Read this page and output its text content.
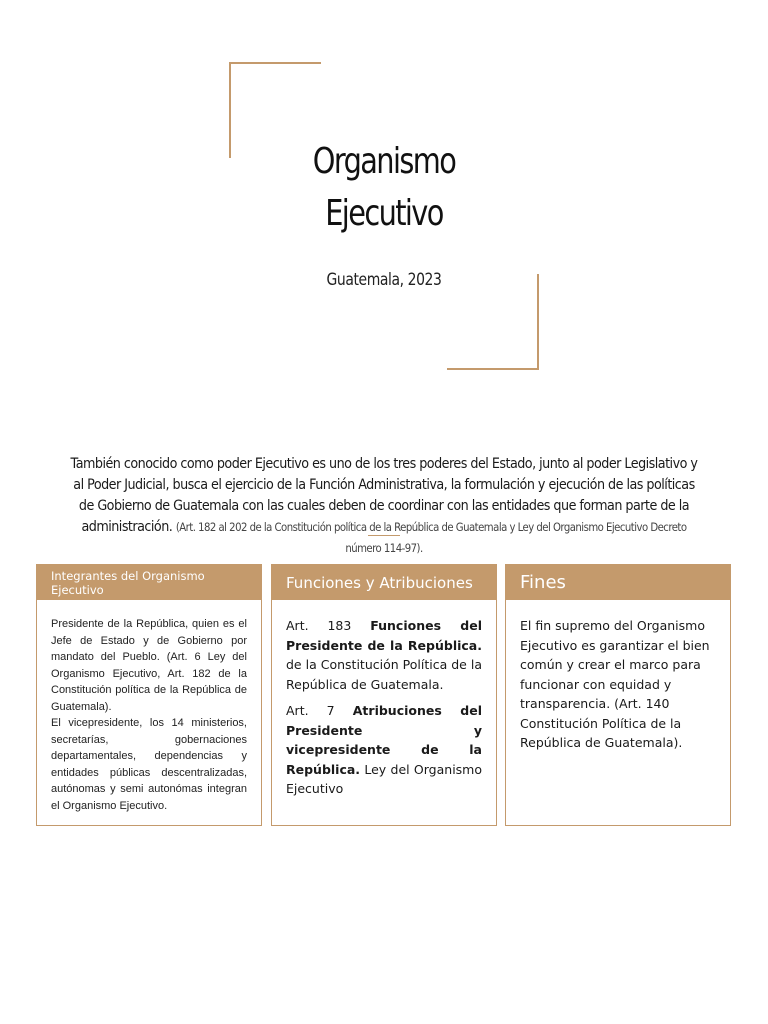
Organismo
Ejecutivo
Guatemala, 2023
También conocido como poder Ejecutivo es uno de los tres poderes del Estado, junto al poder Legislativo y al Poder Judicial, busca el ejercicio de la Función Administrativa, la formulación y ejecución de las políticas de Gobierno de Guatemala con las cuales deben de coordinar con las entidades que forman parte de la administración. (Art. 182 al 202 de la Constitución política de la República de Guatemala y Ley del Organismo Ejecutivo Decreto número 114-97).
Integrantes del Organismo Ejecutivo

Presidente de la República, quien es el Jefe de Estado y de Gobierno por mandato del Pueblo. (Art. 6 Ley del Organismo Ejecutivo, Art. 182 de la Constitución política de la República de Guatemala).

El vicepresidente, los 14 ministerios, secretarías, gobernaciones departamentales, dependencias y entidades públicas descentralizadas, autónomas y semi autonómas integran el Organismo Ejecutivo.

Funciones y Atribuciones

Art. 183 Funciones del Presidente de la República. de la Constitución Política de la República de Guatemala.

Art. 7 Atribuciones del Presidente y vicepresidente de la República. Ley del Organismo Ejecutivo

Fines

El fin supremo del Organismo Ejecutivo es garantizar el bien común y crear el marco para funcionar con equidad y transparencia. (Art. 140 Constitución Política de la República de Guatemala).
